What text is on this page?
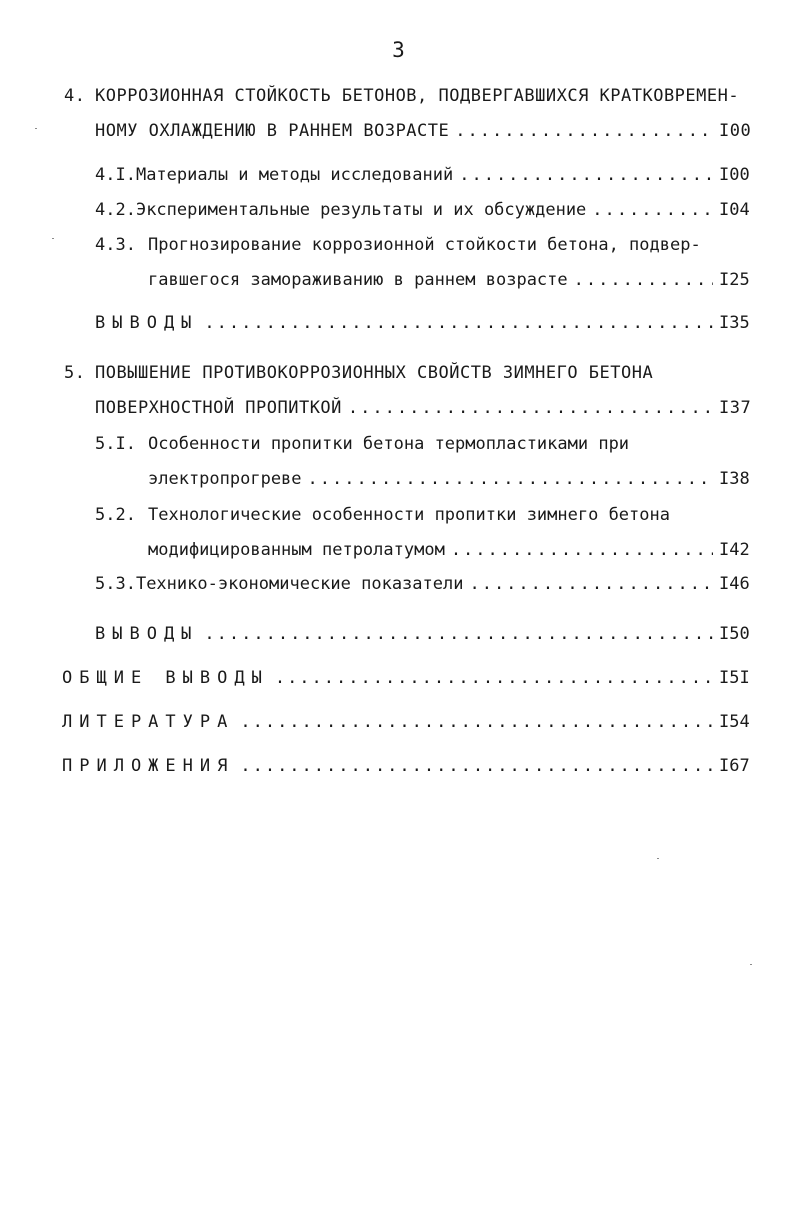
3
4. КОРРОЗИОННАЯ СТОЙКОСТЬ БЕТОНОВ, ПОДВЕРГАВШИХСЯ КРАТКОВРЕМЕН-
НОМУ ОХЛАЖДЕНИЮ В РАННЕМ ВОЗРАСТЕ .....	I00
4.I. Материалы и методы исследований .....	I00
4.2. Экспериментальные результаты и их обсуждение .....	I04
4.3. Прогнозирование коррозионной стойкости бетона, подвер-
гавшегося замораживанию в раннем возрасте .....	I25
ВЫВОДЫ .....	I35
5. ПОВЫШЕНИЕ ПРОТИВОКОРРОЗИОННЫХ СВОЙСТВ ЗИМНЕГО БЕТОНА
ПОВЕРХНОСТНОЙ ПРОПИТКОЙ .....	I37
5.I. Особенности пропитки бетона термопластиками при
электропрогреве .....	I38
5.2. Технологические особенности пропитки зимнего бетона
модифицированным петролатумом .....	I42
5.3. Технико-экономические показатели .....	I46
ВЫВОДЫ .....	I50
ОБЩИЕ ВЫВОДЫ .....	I5I
ЛИТЕРАТУРА .....	I54
ПРИЛОЖЕНИЯ .....	I67
